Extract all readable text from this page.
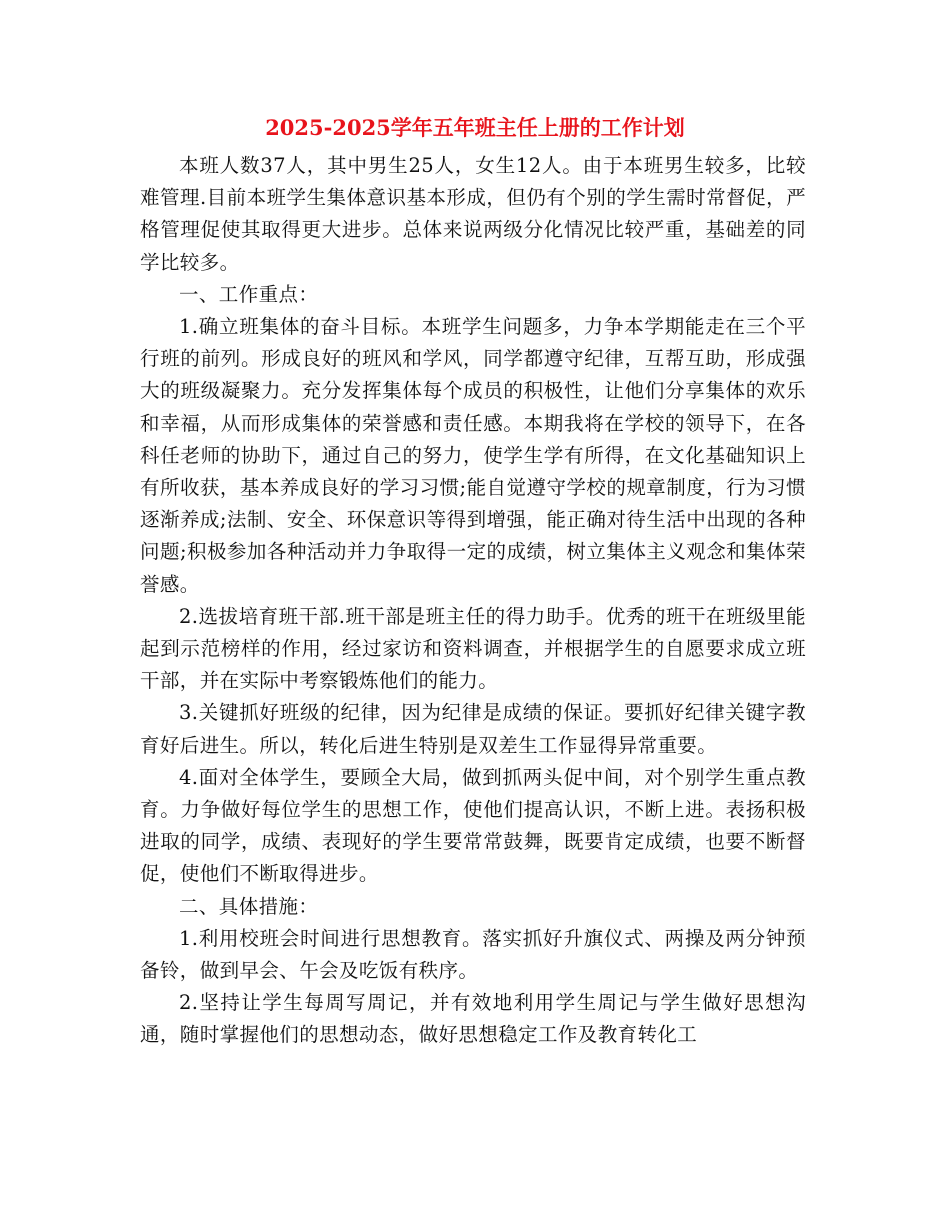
2025-2025学年五年班主任上册的工作计划

本班人数37人，其中男生25人，女生12人。由于本班男生较多，比较难管理.目前本班学生集体意识基本形成，但仍有个别的学生需时常督促，严格管理促使其取得更大进步。总体来说两级分化情况比较严重，基础差的同学比较多。

一、工作重点：

1.确立班集体的奋斗目标。本班学生问题多，力争本学期能走在三个平行班的前列。形成良好的班风和学风，同学都遵守纪律，互帮互助，形成强大的班级凝聚力。充分发挥集体每个成员的积极性，让他们分享集体的欢乐和幸福，从而形成集体的荣誉感和责任感。本期我将在学校的领导下，在各科任老师的协助下，通过自己的努力，使学生学有所得，在文化基础知识上有所收获，基本养成良好的学习习惯;能自觉遵守学校的规章制度，行为习惯逐渐养成;法制、安全、环保意识等得到增强，能正确对待生活中出现的各种问题;积极参加各种活动并力争取得一定的成绩，树立集体主义观念和集体荣誉感。

2.选拔培育班干部.班干部是班主任的得力助手。优秀的班干在班级里能起到示范榜样的作用，经过家访和资料调查，并根据学生的自愿要求成立班干部，并在实际中考察锻炼他们的能力。

3.关键抓好班级的纪律，因为纪律是成绩的保证。要抓好纪律关键字教育好后进生。所以，转化后进生特别是双差生工作显得异常重要。

4.面对全体学生，要顾全大局，做到抓两头促中间，对个别学生重点教育。力争做好每位学生的思想工作，使他们提高认识，不断上进。表扬积极进取的同学，成绩、表现好的学生要常常鼓舞，既要肯定成绩，也要不断督促，使他们不断取得进步。

二、具体措施：

1.利用校班会时间进行思想教育。落实抓好升旗仪式、两操及两分钟预备铃，做到早会、午会及吃饭有秩序。

2.坚持让学生每周写周记，并有效地利用学生周记与学生做好思想沟通，随时掌握他们的思想动态，做好思想稳定工作及教育转化工
